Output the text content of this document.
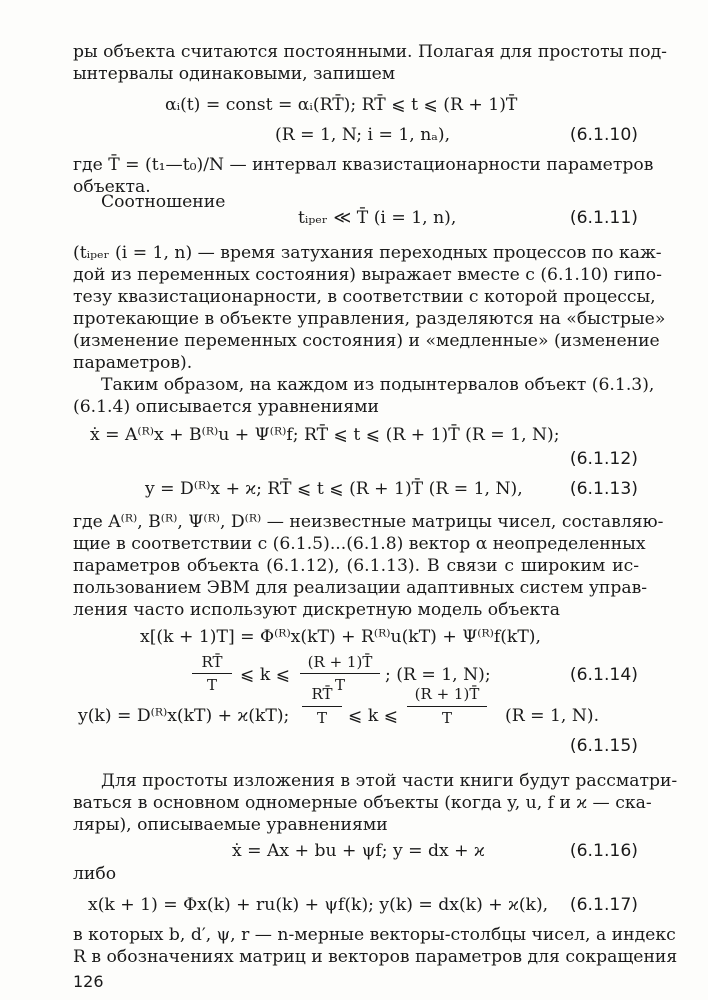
ры объекта считаются постоянными. Полагая для простоты под-
ынтервалы одинаковыми, запишем
αᵢ(t) = const = αᵢ(RT̄); RT̄ ⩽ t ⩽ (R + 1)T̄
(R = 1, N; i = 1, nₐ),	(6.1.10)
где T̄ = (t₁—t₀)/N — интервал квазистационарности параметров
объекта.
Соотношение
tᵢₚₑᵣ ≪ T̄ (i = 1, n),	(6.1.11)
(tᵢₚₑᵣ (i = 1, n) — время затухания переходных процессов по каж-
дой из переменных состояния) выражает вместе с (6.1.10) гипо-
тезу квазистационарности, в соответствии с которой процессы,
протекающие в объекте управления, разделяются на «быстрые»
(изменение переменных состояния) и «медленные» (изменение
параметров).
Таким образом, на каждом из подынтервалов объект (6.1.3),
(6.1.4) описывается уравнениями
ẋ = A⁽ᴿ⁾x + B⁽ᴿ⁾u + Ψ⁽ᴿ⁾f; RT̄ ⩽ t ⩽ (R + 1)T̄ (R = 1, N);
(6.1.12)
y = D⁽ᴿ⁾x + ϰ; RT̄ ⩽ t ⩽ (R + 1)T̄ (R = 1, N),	(6.1.13)
где A⁽ᴿ⁾, B⁽ᴿ⁾, Ψ⁽ᴿ⁾, D⁽ᴿ⁾ — неизвестные матрицы чисел, составляю-
щие в соответствии с (6.1.5)...(6.1.8) вектор α неопределенных
параметров объекта (6.1.12), (6.1.13). В связи с широким ис-
пользованием ЭВМ для реализации адаптивных систем управ-
ления часто используют дискретную модель объекта
x[(k + 1)T] = Φ⁽ᴿ⁾x(kT) + R⁽ᴿ⁾u(kT) + Ψ⁽ᴿ⁾f(kT),
RT̄
T	⩽ k ⩽
(R + 1)T̄
T	; (R = 1, N);	(6.1.14)
y(k) = D⁽ᴿ⁾x(kT) + ϰ(kT);
RT̄
T	⩽ k ⩽
(R + 1)T̄
T	(R = 1, N).
(6.1.15)
Для простоты изложения в этой части книги будут рассматри-
ваться в основном одномерные объекты (когда y, u, f и ϰ — ска-
ляры), описываемые уравнениями
ẋ = Ax + bu + ψf; y = dx + ϰ	(6.1.16)
либо
x(k + 1) = Φx(k) + ru(k) + ψf(k); y(k) = dx(k) + ϰ(k), (6.1.17)
в которых b, d′, ψ, r — n-мерные векторы-столбцы чисел, а индекс
R в обозначениях матриц и векторов параметров для сокращения
126
